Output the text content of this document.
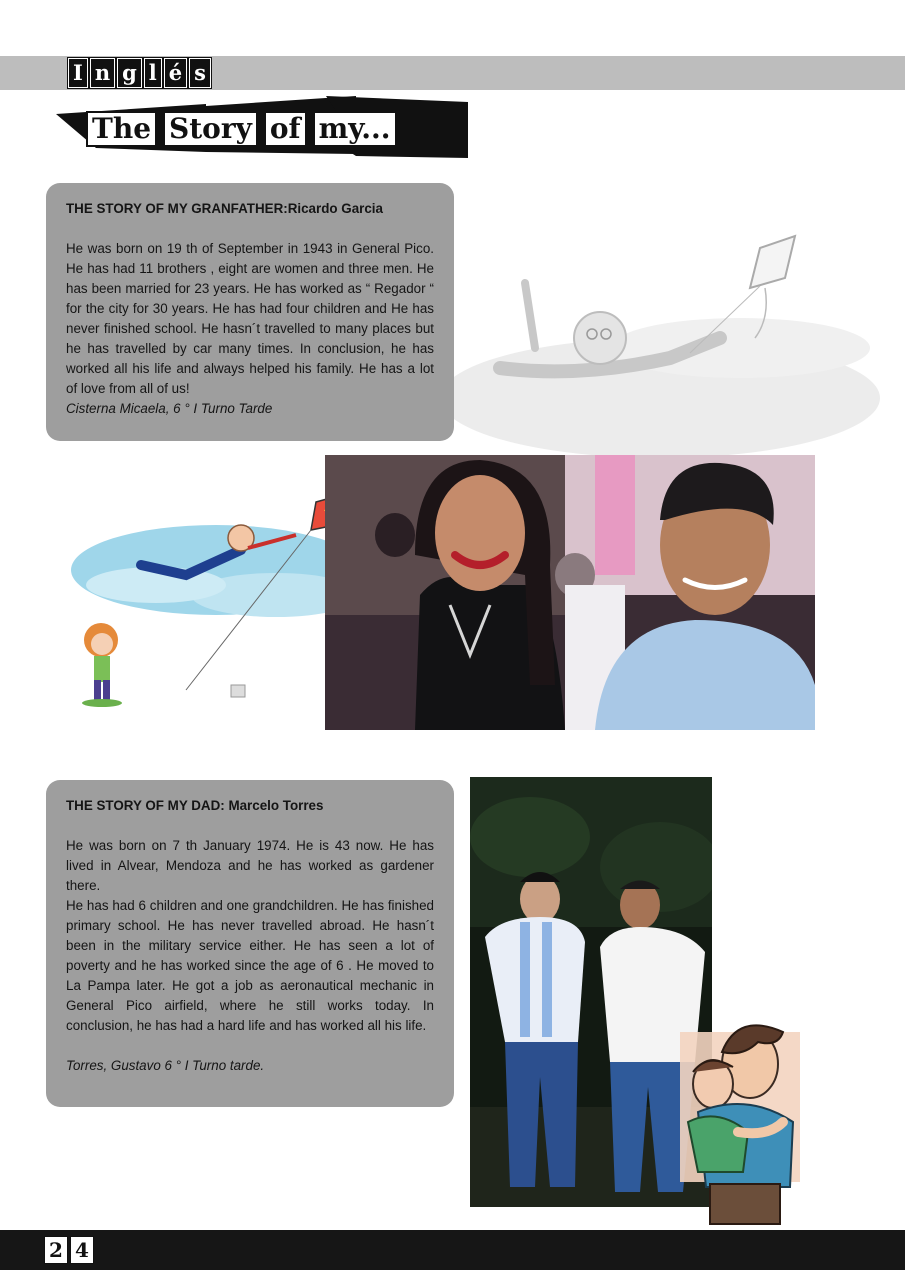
I n g l é s
The Story of my...
THE STORY OF MY GRANFATHER:Ricardo Garcia

He was born on 19 th of September in 1943 in General Pico. He has had 11 brothers , eight are women and three men. He has been married for 23 years. He has worked as “ Regador “ for the city for 30 years. He has had four children and He has never finished school. He hasn´t travelled to many places but he has travelled by car many times. In conclusion, he has worked all his life and always helped his family. He has a lot of love from all of us!

Cisterna Micaela, 6 ° I Turno Tarde

THE STORY OF MY DAD: Marcelo Torres

He was born on 7 th January 1974. He is 43 now. He has lived in Alvear, Mendoza and he has worked as gardener there.

He has had 6 children and one grandchildren. He has finished primary school. He has never travelled abroad. He hasn´t been in the military service either. He has seen a lot of poverty and he has worked since the age of 6 . He moved to La Pampa later. He got a job as aeronautical mechanic in General Pico airfield, where he still works today. In conclusion, he has had a hard life and has worked all his life.

Torres, Gustavo 6 ° I Turno tarde.

2 4
